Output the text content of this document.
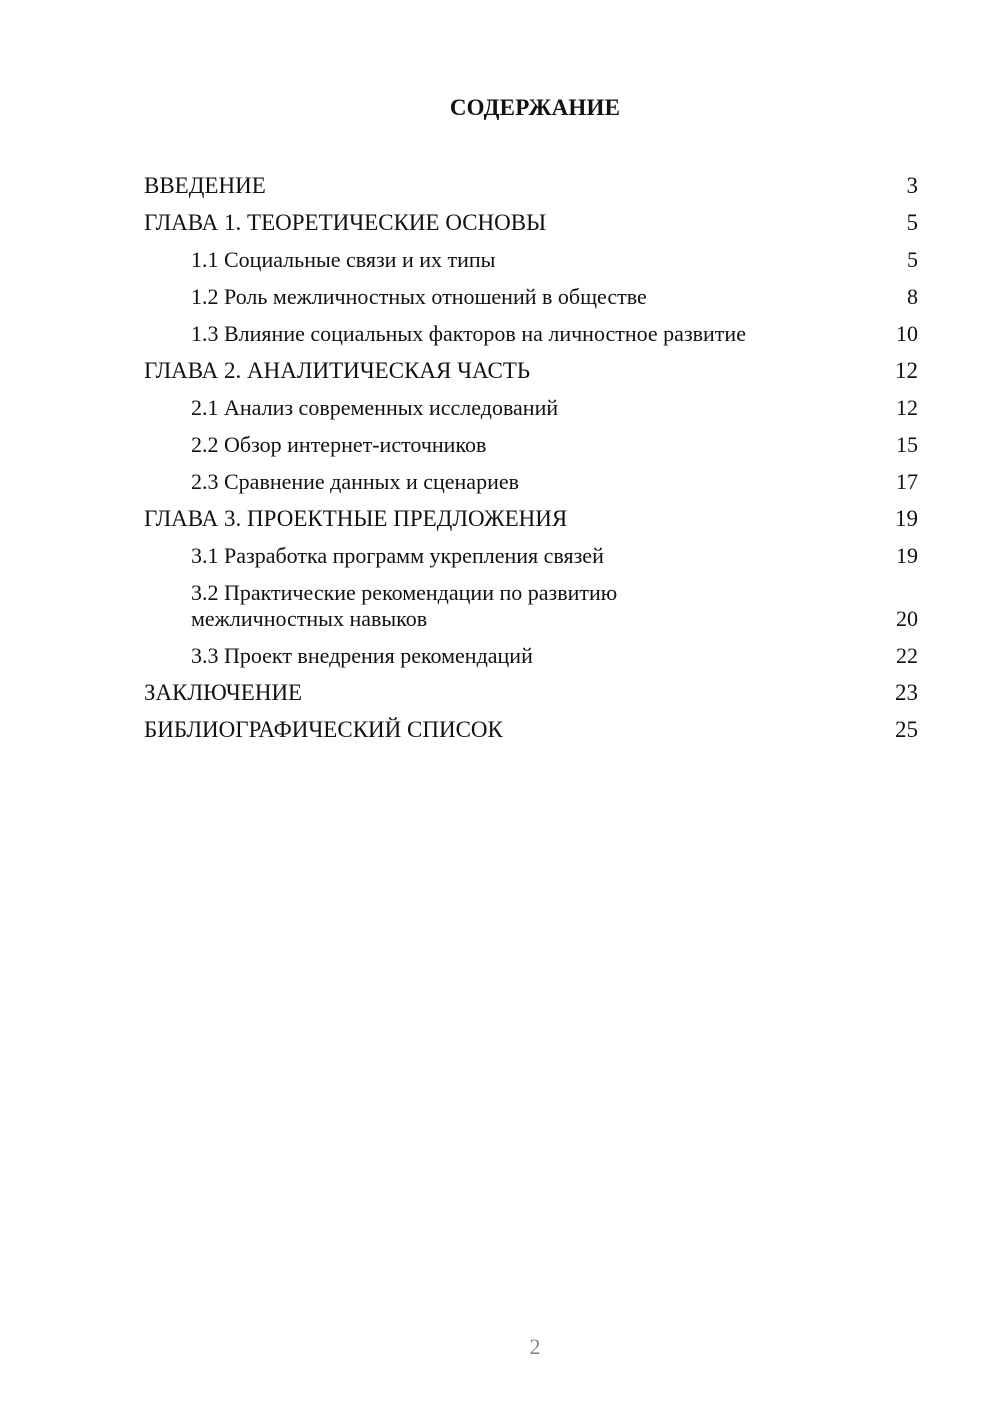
СОДЕРЖАНИЕ
ВВЕДЕНИЕ	3
ГЛАВА 1. ТЕОРЕТИЧЕСКИЕ ОСНОВЫ	5
1.1 Социальные связи и их типы	5
1.2 Роль межличностных отношений в обществе	8
1.3 Влияние социальных факторов на личностное развитие	10
ГЛАВА 2. АНАЛИТИЧЕСКАЯ ЧАСТЬ	12
2.1 Анализ современных исследований	12
2.2 Обзор интернет-источников	15
2.3 Сравнение данных и сценариев	17
ГЛАВА 3. ПРОЕКТНЫЕ ПРЕДЛОЖЕНИЯ	19
3.1 Разработка программ укрепления связей	19
3.2 Практические рекомендации по развитию межличностных навыков	20
3.3 Проект внедрения рекомендаций	22
ЗАКЛЮЧЕНИЕ	23
БИБЛИОГРАФИЧЕСКИЙ СПИСОК	25
2
